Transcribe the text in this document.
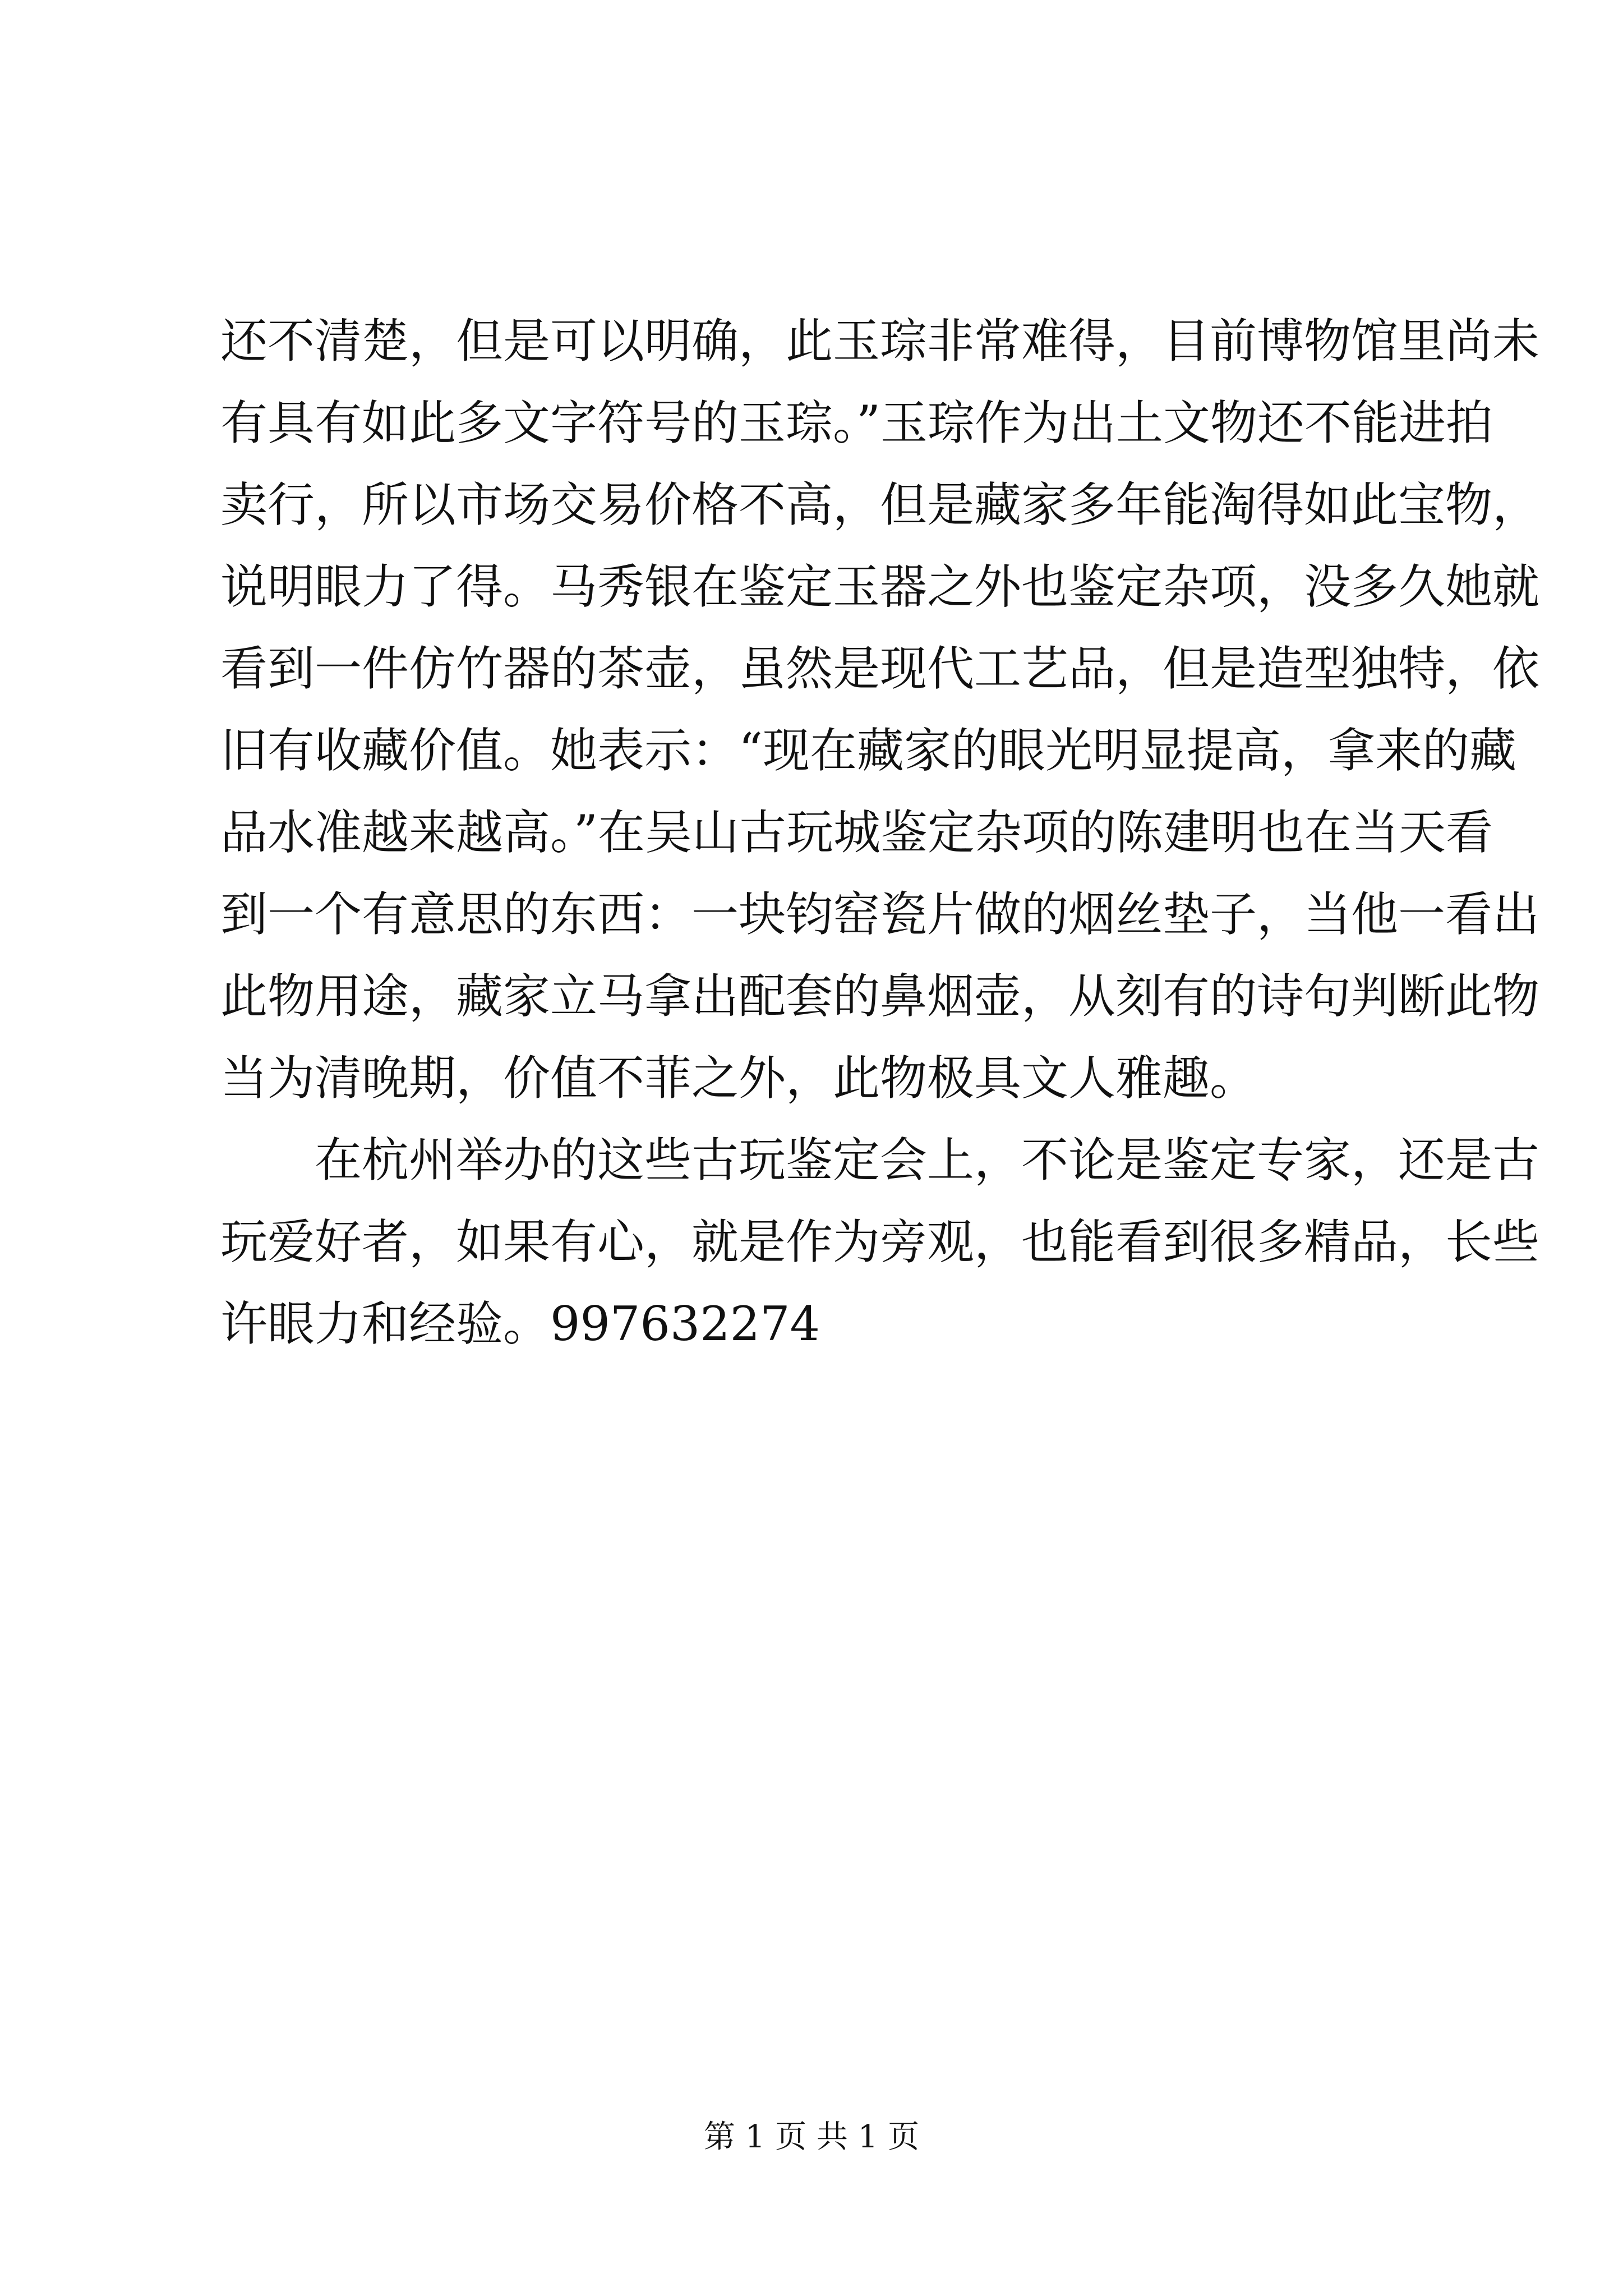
还不清楚，但是可以明确，此玉琮非常难得，目前博物馆里尚未
有具有如此多文字符号的玉琮。”玉琮作为出土文物还不能进拍
卖行，所以市场交易价格不高，但是藏家多年能淘得如此宝物，
说明眼力了得。马秀银在鉴定玉器之外也鉴定杂项，没多久她就
看到一件仿竹器的茶壶，虽然是现代工艺品，但是造型独特，依
旧有收藏价值。她表示：“现在藏家的眼光明显提高，拿来的藏
品水准越来越高。”在吴山古玩城鉴定杂项的陈建明也在当天看
到一个有意思的东西：一块钧窑瓷片做的烟丝垫子，当他一看出
此物用途，藏家立马拿出配套的鼻烟壶，从刻有的诗句判断此物
当为清晚期，价值不菲之外，此物极具文人雅趣。
在杭州举办的这些古玩鉴定会上，不论是鉴定专家，还是古
玩爱好者，如果有心，就是作为旁观，也能看到很多精品，长些
许眼力和经验。997632274
第 1 页 共 1 页
